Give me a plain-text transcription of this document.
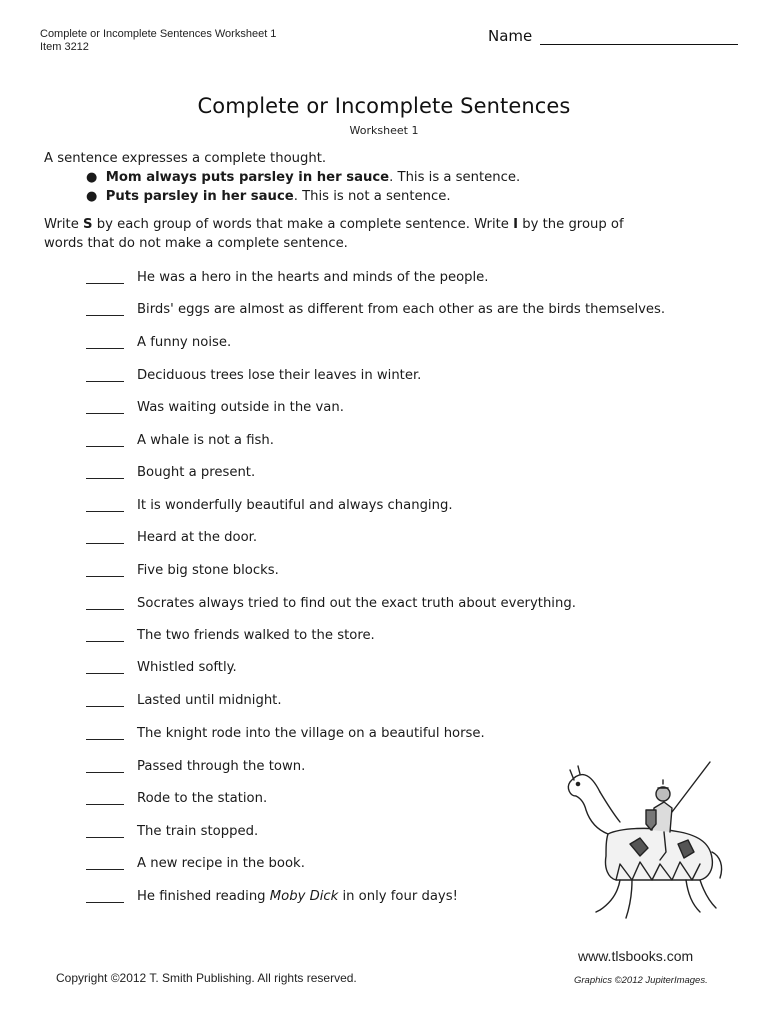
Complete or Incomplete Sentences Worksheet 1
Item 3212
Name
Complete or Incomplete Sentences
Worksheet 1
A sentence expresses a complete thought.
● Mom always puts parsley in her sauce. This is a sentence.
● Puts parsley in her sauce. This is not a sentence.
Write S by each group of words that make a complete sentence. Write I by the group of
words that do not make a complete sentence.
He was a hero in the hearts and minds of the people.
Birds' eggs are almost as different from each other as are the birds themselves.
A funny noise.
Deciduous trees lose their leaves in winter.
Was waiting outside in the van.
A whale is not a fish.
Bought a present.
It is wonderfully beautiful and always changing.
Heard at the door.
Five big stone blocks.
Socrates always tried to find out the exact truth about everything.
The two friends walked to the store.
Whistled softly.
Lasted until midnight.
The knight rode into the village on a beautiful horse.
Passed through the town.
Rode to the station.
The train stopped.
A new recipe in the book.
He finished reading Moby Dick in only four days!
www.tlsbooks.com
Copyright ©2012 T. Smith Publishing. All rights reserved.	Graphics ©2012 JupiterImages.
